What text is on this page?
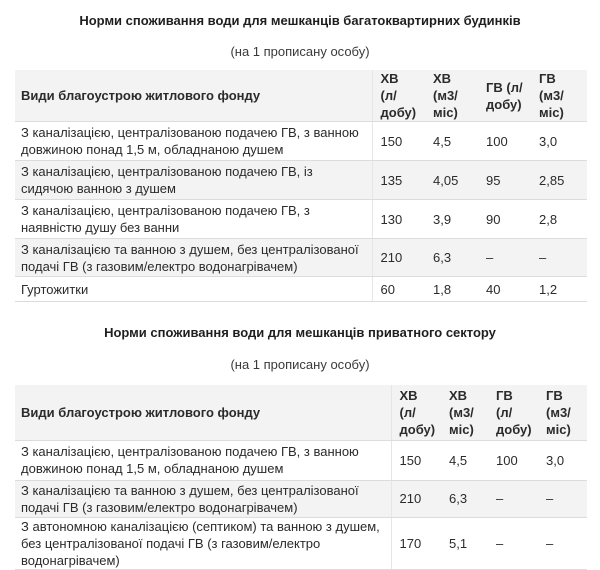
Норми споживання води для мешканців багатоквартирних будинків

(на 1 прописану особу)

Види благоустрою житлового фонду	ХВ (л/добу)	ХВ (м3/міс)	ГВ (л/добу)	ГВ (м3/міс)
З каналізацією, централізованою подачею ГВ, з ванною довжиною понад 1,5 м, обладнаною душем	150	4,5	100	3,0
З каналізацією, централізованою подачею ГВ, із сидячою ванною з душем	135	4,05	95	2,85
З каналізацією, централізованою подачею ГВ, з наявністю душу без ванни	130	3,9	90	2,8
З каналізацією та ванною з душем, без централізованої подачі ГВ (з газовим/електро водонагрівачем)	210	6,3	–	–
Гуртожитки	60	1,8	40	1,2

Норми споживання води для мешканців приватного сектору

(на 1 прописану особу)

Види благоустрою житлового фонду	ХВ (л/добу)	ХВ (м3/міс)	ГВ (л/добу)	ГВ (м3/міс)
З каналізацією, централізованою подачею ГВ, з ванною довжиною понад 1,5 м, обладнаною душем	150	4,5	100	3,0
З каналізацією та ванною з душем, без централізованої подачі ГВ (з газовим/електро водонагрівачем)	210	6,3	–	–
З автономною каналізацією (септиком) та ванною з душем, без централізованої подачі ГВ (з газовим/електро водонагрівачем)	170	5,1	–	–
